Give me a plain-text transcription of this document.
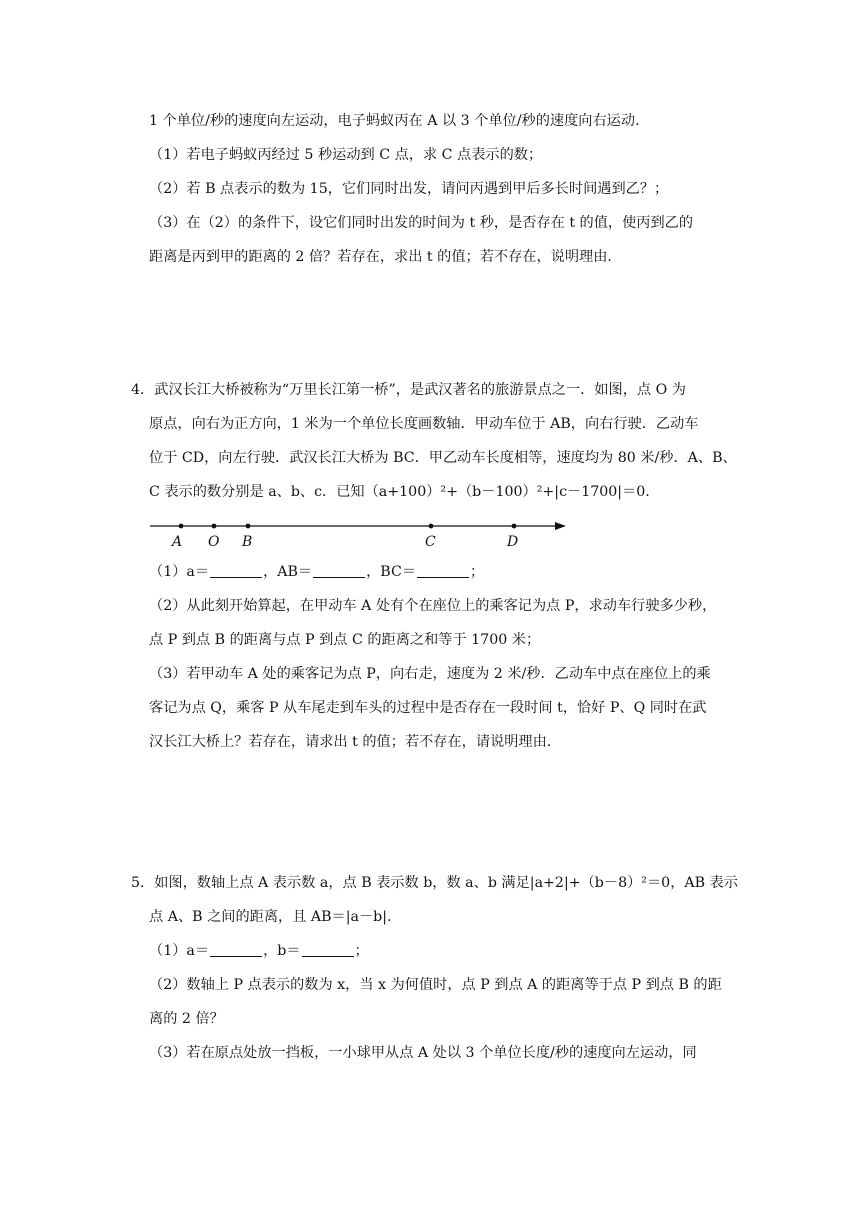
1 个单位/秒的速度向左运动，电子蚂蚁丙在 A 以 3 个单位/秒的速度向右运动.
（1）若电子蚂蚁丙经过 5 秒运动到 C 点，求 C 点表示的数；
（2）若 B 点表示的数为 15，它们同时出发，请问丙遇到甲后多长时间遇到乙？；
（3）在（2）的条件下，设它们同时出发的时间为 t 秒，是否存在 t 的值，使丙到乙的
距离是丙到甲的距离的 2 倍？若存在，求出 t 的值；若不存在，说明理由.
4．武汉长江大桥被称为“万里长江第一桥”，是武汉著名的旅游景点之一．如图，点 O 为
原点，向右为正方向，1 米为一个单位长度画数轴．甲动车位于 AB，向右行驶．乙动车
位于 CD，向左行驶．武汉长江大桥为 BC．甲乙动车长度相等，速度均为 80 米/秒．A、B、
C 表示的数分别是 a、b、c．已知（a+100）²+（b－100）²+|c－1700|＝0.
A O B	C	D
（1）a＝	，AB＝	，BC＝	；
（2）从此刻开始算起，在甲动车 A 处有个在座位上的乘客记为点 P，求动车行驶多少秒，
点 P 到点 B 的距离与点 P 到点 C 的距离之和等于 1700 米；
（3）若甲动车 A 处的乘客记为点 P，向右走，速度为 2 米/秒．乙动车中点在座位上的乘
客记为点 Q，乘客 P 从车尾走到车头的过程中是否存在一段时间 t，恰好 P、Q 同时在武
汉长江大桥上？若存在，请求出 t 的值；若不存在，请说明理由.
5．如图，数轴上点 A 表示数 a，点 B 表示数 b，数 a、b 满足|a+2|+（b－8）²＝0，AB 表示
点 A、B 之间的距离，且 AB＝|a－b|.
（1）a＝	，b＝	；
（2）数轴上 P 点表示的数为 x，当 x 为何值时，点 P 到点 A 的距离等于点 P 到点 B 的距
离的 2 倍？
（3）若在原点处放一挡板，一小球甲从点 A 处以 3 个单位长度/秒的速度向左运动，同
